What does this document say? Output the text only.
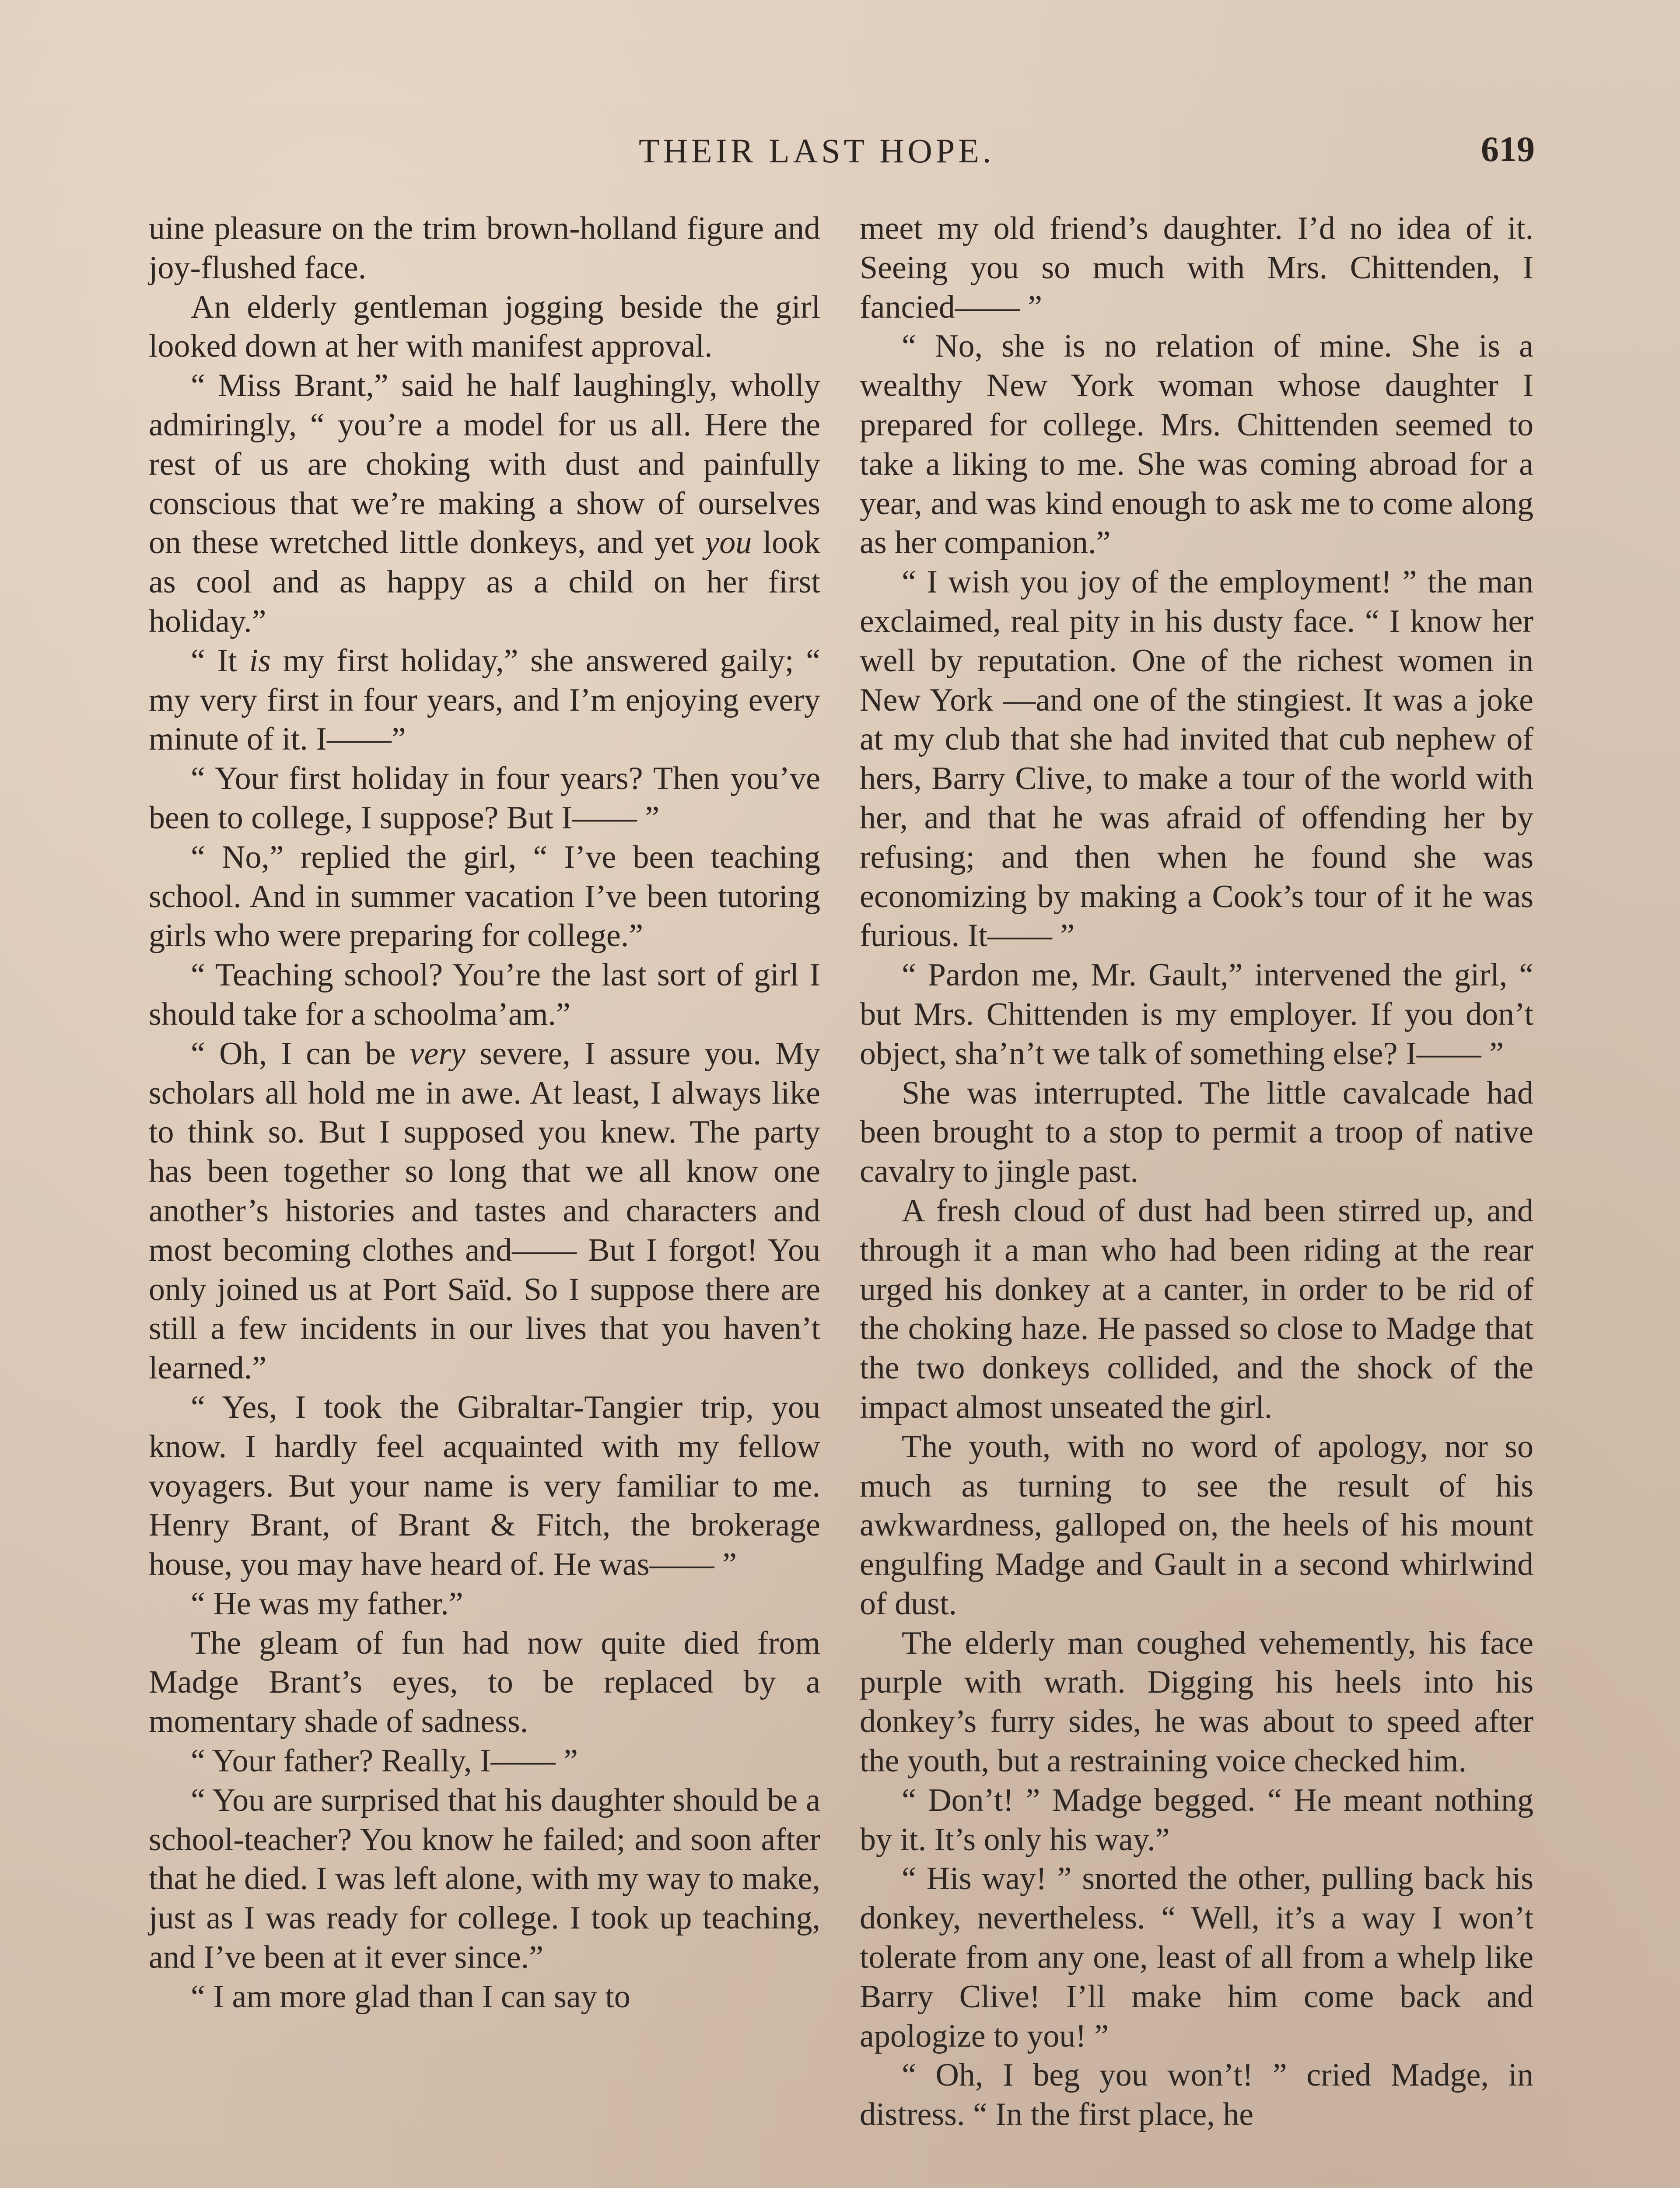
THEIR LAST HOPE.	619

uine pleasure on the trim brown-holland figure and joy-flushed face.

An elderly gentleman jogging beside the girl looked down at her with manifest approval.

“ Miss Brant,” said he half laughingly, wholly admiringly, “ you’re a model for us all. Here the rest of us are choking with dust and painfully conscious that we’re making a show of ourselves on these wretched little donkeys, and yet you look as cool and as happy as a child on her first holiday.”

“ It is my first holiday,” she answered gaily; “ my very first in four years, and I’m enjoying every minute of it. I——”

“ Your first holiday in four years? Then you’ve been to college, I suppose? But I—— ”

“ No,” replied the girl, “ I’ve been teaching school. And in summer vacation I’ve been tutoring girls who were preparing for college.”

“ Teaching school? You’re the last sort of girl I should take for a schoolma’am.”

“ Oh, I can be very severe, I assure you. My scholars all hold me in awe. At least, I always like to think so. But I supposed you knew. The party has been together so long that we all know one another’s histories and tastes and characters and most becoming clothes and—— But I forgot! You only joined us at Port Saïd. So I suppose there are still a few incidents in our lives that you haven’t learned.”

“ Yes, I took the Gibraltar-Tangier trip, you know. I hardly feel acquainted with my fellow voyagers. But your name is very familiar to me. Henry Brant, of Brant & Fitch, the brokerage house, you may have heard of. He was—— ”

“ He was my father.”

The gleam of fun had now quite died from Madge Brant’s eyes, to be replaced by a momentary shade of sadness.

“ Your father? Really, I—— ”

“ You are surprised that his daughter should be a school-teacher? You know he failed; and soon after that he died. I was left alone, with my way to make, just as I was ready for college. I took up teaching, and I’ve been at it ever since.”

“ I am more glad than I can say to

meet my old friend’s daughter. I’d no idea of it. Seeing you so much with Mrs. Chittenden, I fancied—— ”

“ No, she is no relation of mine. She is a wealthy New York woman whose daughter I prepared for college. Mrs. Chittenden seemed to take a liking to me. She was coming abroad for a year, and was kind enough to ask me to come along as her companion.”

“ I wish you joy of the employment! ” the man exclaimed, real pity in his dusty face. “ I know her well by reputation. One of the richest women in New York —and one of the stingiest. It was a joke at my club that she had invited that cub nephew of hers, Barry Clive, to make a tour of the world with her, and that he was afraid of offending her by refusing; and then when he found she was economizing by making a Cook’s tour of it he was furious. It—— ”

“ Pardon me, Mr. Gault,” intervened the girl, “ but Mrs. Chittenden is my employer. If you don’t object, sha’n’t we talk of something else? I—— ”

She was interrupted. The little cavalcade had been brought to a stop to permit a troop of native cavalry to jingle past.

A fresh cloud of dust had been stirred up, and through it a man who had been riding at the rear urged his donkey at a canter, in order to be rid of the choking haze. He passed so close to Madge that the two donkeys collided, and the shock of the impact almost unseated the girl.

The youth, with no word of apology, nor so much as turning to see the result of his awkwardness, galloped on, the heels of his mount engulfing Madge and Gault in a second whirlwind of dust.

The elderly man coughed vehemently, his face purple with wrath. Digging his heels into his donkey’s furry sides, he was about to speed after the youth, but a restraining voice checked him.

“ Don’t! ” Madge begged. “ He meant nothing by it. It’s only his way.”

“ His way! ” snorted the other, pulling back his donkey, nevertheless. “ Well, it’s a way I won’t tolerate from any one, least of all from a whelp like Barry Clive! I’ll make him come back and apologize to you! ”

“ Oh, I beg you won’t! ” cried Madge, in distress. “ In the first place, he
